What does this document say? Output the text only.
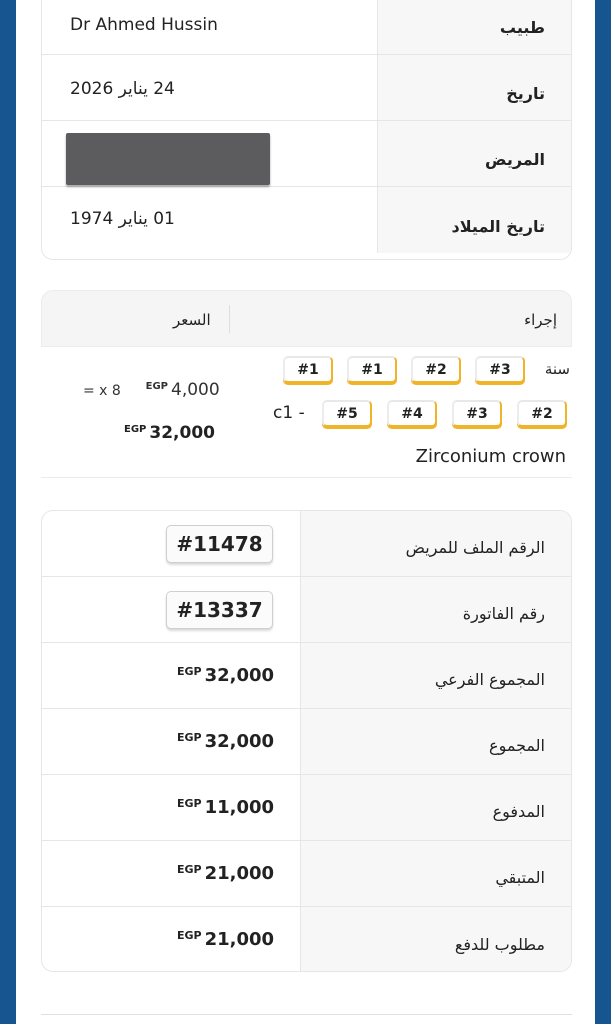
طبيب
Dr Ahmed Hussin
تاريخ
24 يناير 2026
المريض
تاريخ الميلاد
01 يناير 1974
إجراء
السعر
سنة
#3
#2
#1
#1
#2
#3
#4
#5
c1 -
= x 8 $^{EGP}$ 4,000
$^{EGP}$ 32,000
Zirconium crown
الرقم الملف للمريض
#11478
رقم الفاتورة
#13337
المجموع الفرعي
$^{EGP}$ 32,000
المجموع
$^{EGP}$ 32,000
المدفوع
$^{EGP}$ 11,000
المتبقي
$^{EGP}$ 21,000
مطلوب للدفع
$^{EGP}$ 21,000
